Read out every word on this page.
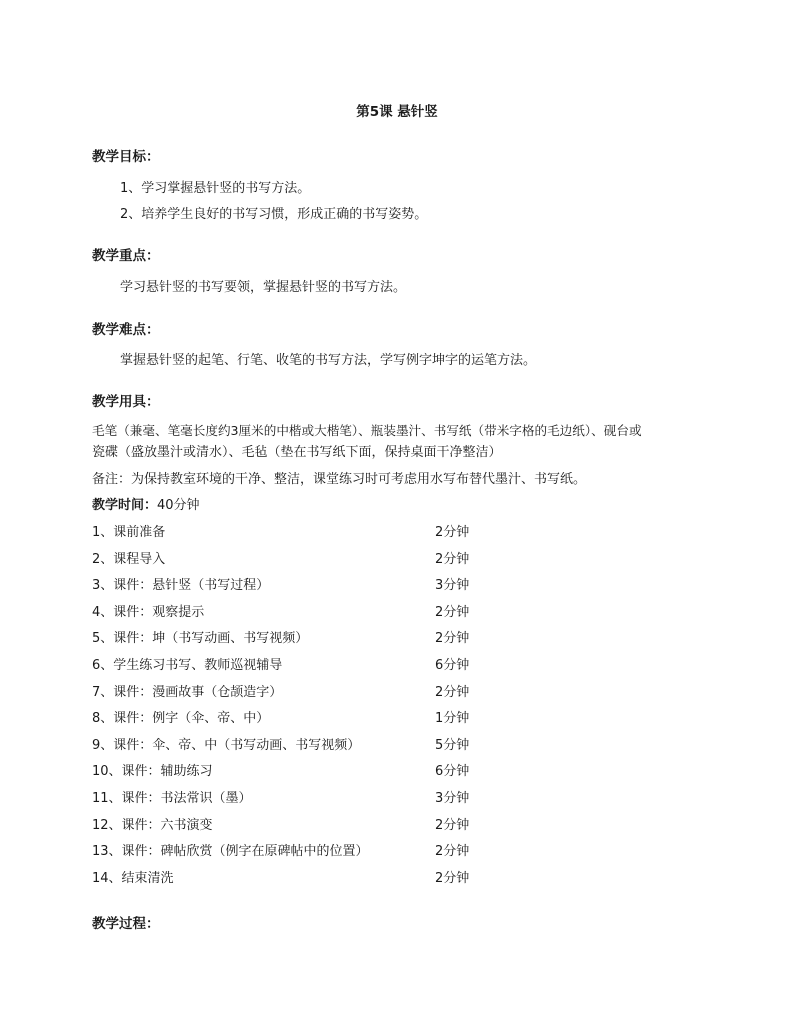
第5课 悬针竖
教学目标：
1、学习掌握悬针竖的书写方法。
2、培养学生良好的书写习惯，形成正确的书写姿势。
教学重点：
学习悬针竖的书写要领，掌握悬针竖的书写方法。
教学难点：
掌握悬针竖的起笔、行笔、收笔的书写方法，学写例字坤字的运笔方法。
教学用具：
毛笔（兼毫、笔毫长度约3厘米的中楷或大楷笔）、瓶装墨汁、书写纸（带米字格的毛边纸）、砚台或
瓷碟（盛放墨汁或清水）、毛毡（垫在书写纸下面，保持桌面干净整洁）
备注：为保持教室环境的干净、整洁，课堂练习时可考虑用水写布替代墨汁、书写纸。
教学时间：40分钟
1、课前准备	2分钟
2、课程导入	2分钟
3、课件：悬针竖（书写过程）	3分钟
4、课件：观察提示	2分钟
5、课件：坤（书写动画、书写视频）	2分钟
6、学生练习书写、教师巡视辅导	6分钟
7、课件：漫画故事（仓颉造字）	2分钟
8、课件：例字（伞、帝、中）	1分钟
9、课件：伞、帝、中（书写动画、书写视频）	5分钟
10、课件：辅助练习	6分钟
11、课件：书法常识（墨）	3分钟
12、课件：六书演变	2分钟
13、课件：碑帖欣赏（例字在原碑帖中的位置）	2分钟
14、结束清洗	2分钟
教学过程：
